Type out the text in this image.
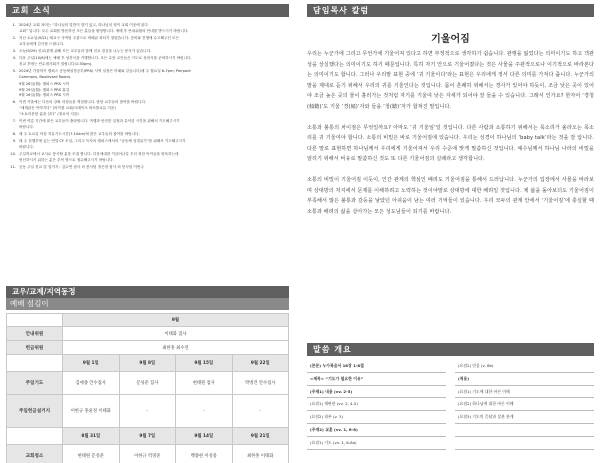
교회 소식
1. 2024년 교회 표어는 “하나님의 말씀이 향기 있고, 하나님의 영이 교회 이웃에 된다
교회” 입니다. 모두 교회를 방문하신 모든 분들을 환영합니다. 예배 후 안내위원의 안내를 받으시기 바랍니다.
2. 지난 토요일(9/21) 세교구 사역팀 주관으로 바베큐 파티가 열렸습니다. 준비와 진행에 수고해주신 모든
교우들에게 감사를 드립니다.
3. 오늘(9/29) 신교/관계 위해 모든 교우들과 함께 친교 점심을 나누는 봉사가 있습니다.
4. 다음 주일(10/6)에는 예배 후 성찬식을 거행합니다. 모든 수찬 교인들은 기도로 성찬식을 준비하시기 바랍니다.
친교 후에는 안수집사회가 열립니다(1:30pm).
5. 2024년 가을학기 캠퍼스 공동체성경공부(PRS) 사역 일정은 아래와 같습니다(매 주 월요일 6-7pm; Pierpont
Commons, Boulevard Room).
9월 26일(월): 캠퍼스 PRS 시작
9월 29일(월): 캠퍼스 PRS 휴강
9월 16일(월): 캠퍼스 PRS 시작
6. 이번 가을에는 다음의 강좌 과정들을 개설합니다. 담당 교우들의 참여를 바랍니다.
“세계관은 이야기다” (아이를 교회/크레이크 바르톨로뮤 지음)
“소요리문답 삶을 살다” (정요석 지음)
7. 이번 여름 기간에 많은 교우들이 출타합니다. 여행과 안전한 일정과 유익한 시간을 위해서 기도해주시기
바랍니다.
8. 매 주 토요일 아침 자유기도시간(7-10am)에 많은 교우들의 참여를 바랍니다.
9. 매 주 친행후에 있는 연말 CF 모임, 그리고 독자의 캠퍼스에서의 “공동체 성경읽기”를 위해서 기도해주시기
바랍니다.
10. 주일학교에서 교사로 봉사할 분을 모집 합니다. 다음세대를 이끌어나갈 우리 귀한 아이들을 양육하는데
헌신하시기 위하는 분은 부목 방으로 접수해주시기 바랍니다.
11. 공동 주일 친교 및 설거지 : 김수연 집사 외 봉사팀 정은정 집사 외 봉사팀 이번주
교우/교제/지역동정
예배 섬김이
	9월			
안내위원	이태화 집사			
헌금위원	최한홍 최수연			
	9월 1일	9월 8일	9월 15일	9월 22일
주일기도	김예종 안수집사	문성준 집사	현태원 집사	박병견 안수집사
주일헌금설거지	이한규 홍윤정 이태화	-	-	-
	8월 31일	9월 7일	9월 14일	9월 21일
교회청소	현태원 문성준	이한규 역영준	백종현 이성용	최한홍 이태화
담임목사 칼럼
기울어짐

우리는 누군가에 그리고 무언가에 기울어져 있다고 하면 부정적으로 생각하기 쉽습니다. 관행을 잃었다는 의미이기도 하고 객관성을 상실했다는 의미이기도 하기 때문입니다. 특히 자기 안으로 기울어졌다는 것은 사물을 주관적으로나 이기적으로 바라본다는 의미이기도 합니다. 그러나 우리말 표현 중에 ‘귀 기울이다’라는 표현은 우리에게 정서 다른 의미를 가져다 줍니다. 누군가의 말을 제대로 듣기 위해서 우리의 귀를 기울인다는 것입니다. 몸이 흔쾌히 위해서는 경사가 있어야 하듯이, 조금 낮은 곳이 있어야 조금 높은 곳의 물이 흘러가는 것처럼 자기를 기울여 낮은 자세가 되어야 잘 들을 수 있습니다. 그래서 인가요? 한자어 ‘경청(傾聽)’도 기울 ‘경(傾)’자와 들을 ‘청(聽)’자가 합쳐진 말입니다.

소통과 불통의 차이점은 무엇일까요? 아마도 ‘귀 기울임’일 것입니다. 다른 사람과 소통하기 위해서는 목소리가 올라오는 목소리를 귀 기울여야 합니다. 소통의 비밀은 바로 기울어짐에 있습니다. 우리는 성경이 하나님의 ‘baby talk’라는 것을 잘 압니다. 다른 말로 표현하면 하나님께서 우리에게 기울어져서 우리 수준에 맞게 말씀하신 것입니다. 예수님께서 하나님 나라의 비밀을 알리기 위해서 비유로 말씀하신 것도 또 다른 기울어짐의 실례라고 생각합니다.

소통의 비밀이 기울어짐 이듯이, 인간 관계의 핵심인 배려도 기울어짐을 통해서 드러납니다. 누군가의 입장에서 사물을 바라보며 상대방의 처지에서 문제를 이해하려고 노력하는 것이야말로 상대방에 대한 배려일 것입니다. 제 삶을 돌아보더도 기울어짐이 부족해서 많은 불통과 갈등을 낳았던 아쉬움이 남는 여러 기억들이 있습니다. 우리 모두의 관계 안에서 ‘기울어짐’에 충실할 때 소통과 배려의 삶을 살아가는 모든 성도님들이 되기를 바랍니다.

말씀 개요
(본문) 누가복음서 18장 1-8절
<제목> “기도가 필요한 이유”
(주제1) 내용 (vv. 2-5)
(요점1) 재판관 (vv. 2, 4-5)
(요점2) 과부 (v. 3)
(주제2) 교훈 (vv. 1, 6-8)
(요점1) 기도 (vv. 1, 6-8a)
(요점2) 믿음 (v. 8b)
(적용)
(요점1) 기도에 대한 바른 이해
(요점2) 하나님에 대한 바른 이해
(요점3) 기도의 응답과 상관 관계
